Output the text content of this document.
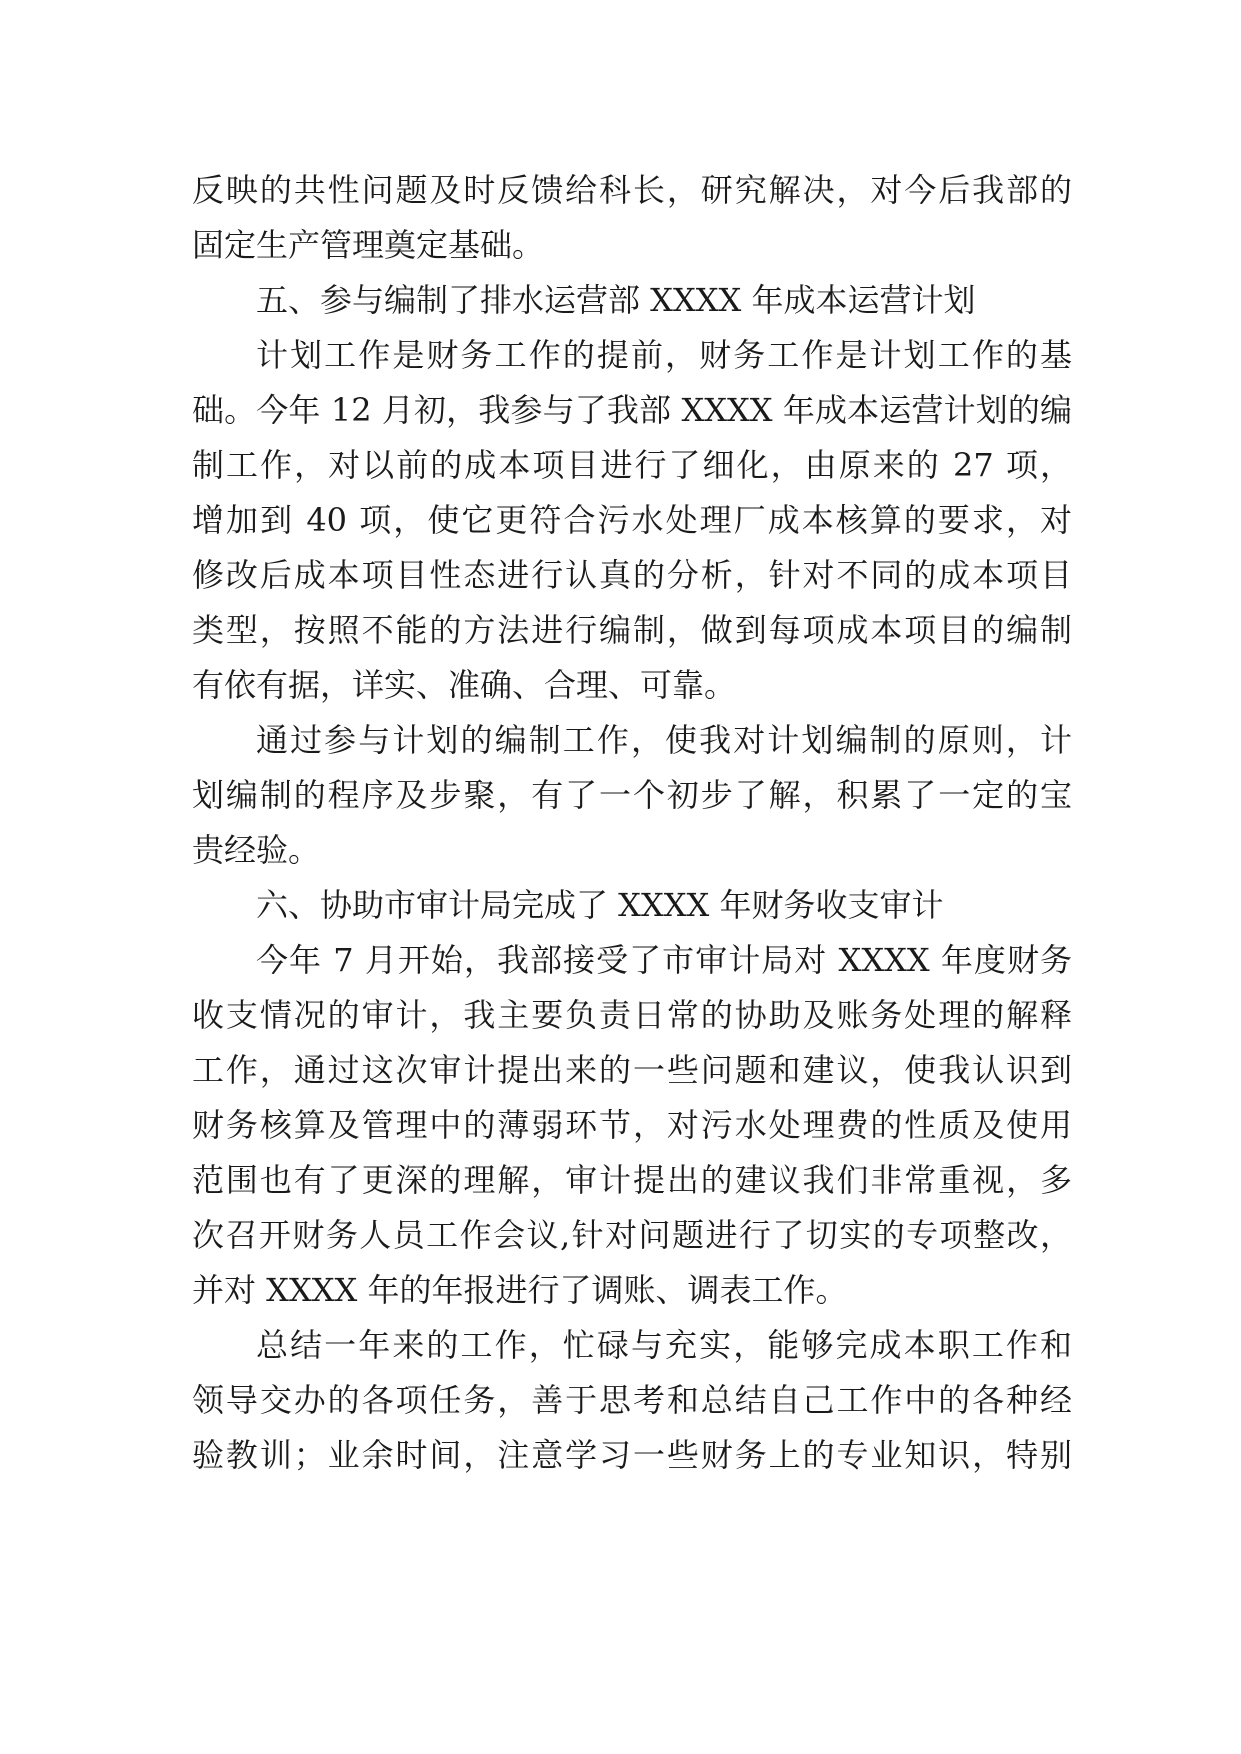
反映的共性问题及时反馈给科长，研究解决，对今后我部的
固定生产管理奠定基础。
五、参与编制了排水运营部 XXXX 年成本运营计划
计划工作是财务工作的提前，财务工作是计划工作的基
础。今年 12 月初，我参与了我部 XXXX 年成本运营计划的编
制工作，对以前的成本项目进行了细化，由原来的 27 项，
增加到 40 项，使它更符合污水处理厂成本核算的要求，对
修改后成本项目性态进行认真的分析，针对不同的成本项目
类型，按照不能的方法进行编制，做到每项成本项目的编制
有依有据，详实、准确、合理、可靠。
通过参与计划的编制工作，使我对计划编制的原则，计
划编制的程序及步聚，有了一个初步了解，积累了一定的宝
贵经验。
六、协助市审计局完成了 XXXX 年财务收支审计
今年 7 月开始，我部接受了市审计局对 XXXX 年度财务
收支情况的审计，我主要负责日常的协助及账务处理的解释
工作，通过这次审计提出来的一些问题和建议，使我认识到
财务核算及管理中的薄弱环节，对污水处理费的性质及使用
范围也有了更深的理解，审计提出的建议我们非常重视，多
次召开财务人员工作会议,针对问题进行了切实的专项整改，
并对 XXXX 年的年报进行了调账、调表工作。
总结一年来的工作，忙碌与充实，能够完成本职工作和
领导交办的各项任务，善于思考和总结自己工作中的各种经
验教训；业余时间，注意学习一些财务上的专业知识，特别
